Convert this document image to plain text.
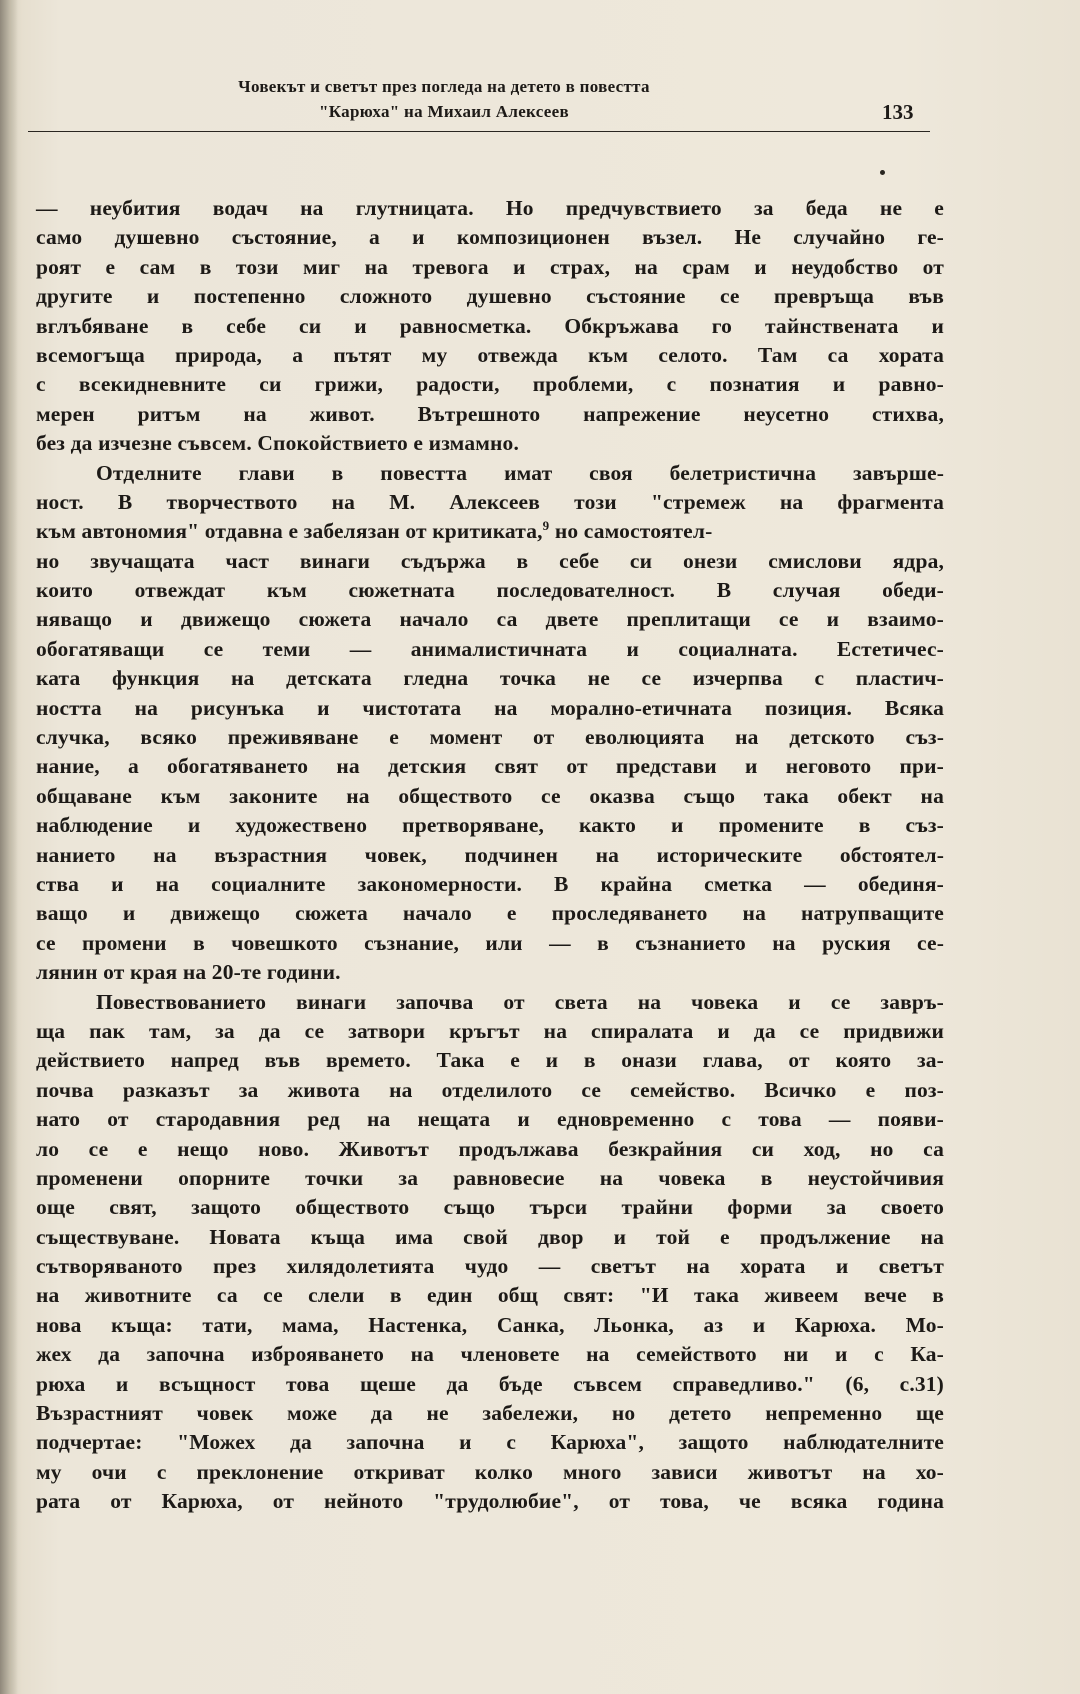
Човекът и светът през погледа на детето в повестта
"Карюха" на Михаил Алексеев	133
— неубития водач на глутницата. Но предчувствието за беда не е
само душевно състояние, а и композиционен възел. Не случайно ге-
роят е сам в този миг на тревога и страх, на срам и неудобство от
другите и постепенно сложното душевно състояние се превръща във
вглъбяване в себе си и равносметка. Обкръжава го тайнствената и
всемогъща природа, а пътят му отвежда към селото. Там са хората
с всекидневните си грижи, радости, проблеми, с познатия и равно-
мерен ритъм на живот. Вътрешното напрежение неусетно стихва,
без да изчезне съвсем. Спокойствието е измамно.
Отделните глави в повестта имат своя белетристична завърше-
ност. В творчеството на М. Алексеев този "стремеж на фрагмента
към автономия" отдавна е забелязан от критиката,$^9$ но самостоятел-
но звучащата част винаги съдържа в себе си онези смислови ядра,
които отвеждат към сюжетната последователност. В случая обеди-
няващо и движещо сюжета начало са двете преплитащи се и взаимо-
обогатяващи се теми — анималистичната и социалната. Естетичес-
ката функция на детската гледна точка не се изчерпва с пластич-
ността на рисунъка и чистотата на морално-етичната позиция. Всяка
случка, всяко преживяване е момент от еволюцията на детското съз-
нание, а обогатяването на детския свят от представи и неговото при-
общаване към законите на обществото се оказва също така обект на
наблюдение и художествено претворяване, както и промените в съз-
нанието на възрастния човек, подчинен на историческите обстоятел-
ства и на социалните закономерности. В крайна сметка — обединя-
ващо и движещо сюжета начало е проследяването на натрупващите
се промени в човешкото съзнание, или — в съзнанието на руския се-
лянин от края на 20-те години.
Повествованието винаги започва от света на човека и се завръ-
ща пак там, за да се затвори кръгът на спиралата и да се придвижи
действието напред във времето. Така е и в онази глава, от която за-
почва разказът за живота на отделилото се семейство. Всичко е поз-
нато от стародавния ред на нещата и едновременно с това — появи-
ло се е нещо ново. Животът продължава безкрайния си ход, но са
променени опорните точки за равновесие на човека в неустойчивия
още свят, защото обществото също търси трайни форми за своето
съществуване. Новата къща има свой двор и той е продължение на
сътворяваното през хилядолетията чудо — светът на хората и светът
на животните са се слели в един общ свят: "И така живеем вече в
нова къща: тати, мама, Настенка, Санка, Льонка, аз и Карюха. Мо-
жех да започна изброяването на членовете на семейството ни и с Ка-
рюха и всъщност това щеше да бъде съвсем справедливо." (6, с.31)
Възрастният човек може да не забележи, но детето непременно ще
подчертае: "Можех да започна и с Карюха", защото наблюдателните
му очи с преклонение откриват колко много зависи животът на хо-
рата от Карюха, от нейното "трудолюбие", от това, че всяка година
